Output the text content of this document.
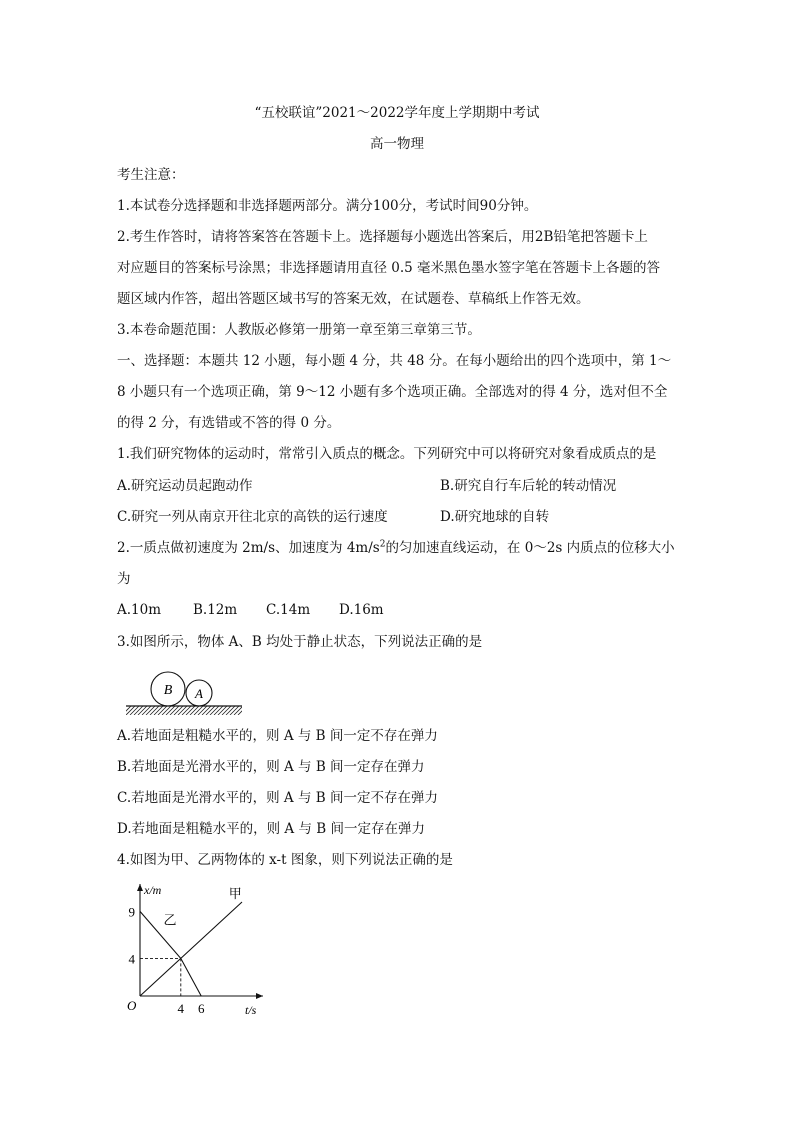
“五校联谊”2021～2022学年度上学期期中考试
高一物理
考生注意：
1.本试卷分选择题和非选择题两部分。满分100分，考试时间90分钟。
2.考生作答时，请将答案答在答题卡上。选择题每小题选出答案后，用2B铅笔把答题卡上
对应题目的答案标号涂黑；非选择题请用直径 0.5 毫米黑色墨水签字笔在答题卡上各题的答
题区域内作答，超出答题区域书写的答案无效，在试题卷、草稿纸上作答无效。
3.本卷命题范围：人教版必修第一册第一章至第三章第三节。
一、选择题：本题共 12 小题，每小题 4 分，共 48 分。在每小题给出的四个选项中，第 1～
8 小题只有一个选项正确，第 9～12 小题有多个选项正确。全部选对的得 4 分，选对但不全
的得 2 分，有选错或不答的得 0 分。
1.我们研究物体的运动时，常常引入质点的概念。下列研究中可以将研究对象看成质点的是
A.研究运动员起跑动作	B.研究自行车后轮的转动情况
C.研究一列从南京开往北京的高铁的运行速度	D.研究地球的自转
2.一质点做初速度为 2m/s、加速度为 $4m/s^2$的匀加速直线运动，在 0～2s 内质点的位移大小
为
A.10m B.12m C.14m D.16m
3.如图所示，物体 A、B 均处于静止状态，下列说法正确的是
B A
A.若地面是粗糙水平的，则 A 与 B 间一定不存在弹力
B.若地面是光滑水平的，则 A 与 B 间一定存在弹力
C.若地面是光滑水平的，则 A 与 B 间一定不存在弹力
D.若地面是粗糙水平的，则 A 与 B 间一定存在弹力
4.如图为甲、乙两物体的 x-t 图象，则下列说法正确的是
x/m
t/s
O
甲
乙
4
9
4 6
